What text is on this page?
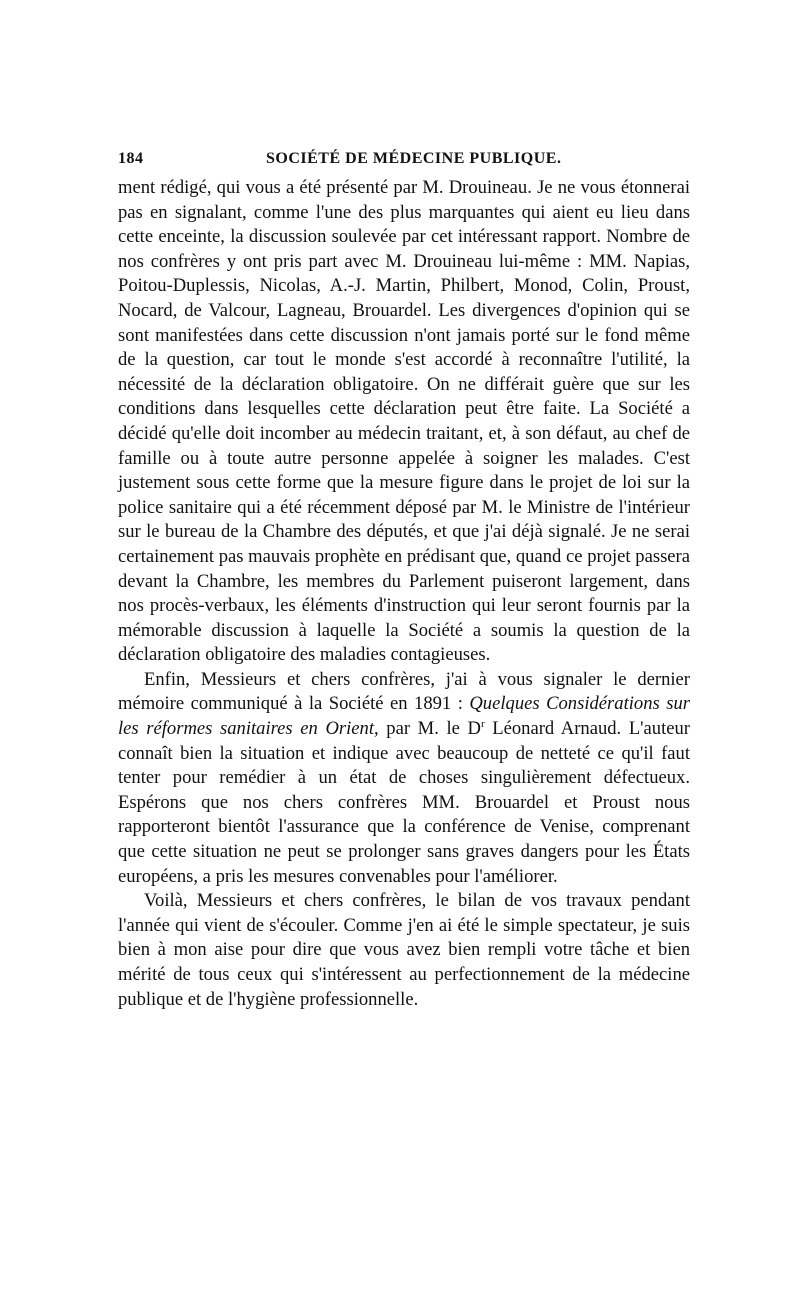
184	SOCIÉTÉ DE MÉDECINE PUBLIQUE.

ment rédigé, qui vous a été présenté par M. Drouineau. Je ne vous étonnerai pas en signalant, comme l'une des plus marquantes qui aient eu lieu dans cette enceinte, la discussion soulevée par cet intéressant rapport. Nombre de nos confrères y ont pris part avec M. Drouineau lui-même : MM. Napias, Poitou-Duplessis, Nicolas, A.-J. Martin, Philbert, Monod, Colin, Proust, Nocard, de Valcour, Lagneau, Brouardel. Les divergences d'opinion qui se sont manifestées dans cette discussion n'ont jamais porté sur le fond même de la question, car tout le monde s'est accordé à reconnaître l'utilité, la nécessité de la déclaration obligatoire. On ne différait guère que sur les conditions dans lesquelles cette déclaration peut être faite. La Société a décidé qu'elle doit incomber au médecin traitant, et, à son défaut, au chef de famille ou à toute autre personne appelée à soigner les malades. C'est justement sous cette forme que la mesure figure dans le projet de loi sur la police sanitaire qui a été récemment déposé par M. le Ministre de l'intérieur sur le bureau de la Chambre des députés, et que j'ai déjà signalé. Je ne serai certainement pas mauvais prophète en prédisant que, quand ce projet passera devant la Chambre, les membres du Parlement puiseront largement, dans nos procès-verbaux, les éléments d'instruction qui leur seront fournis par la mémorable discussion à laquelle la Société a soumis la question de la déclaration obligatoire des maladies contagieuses.

Enfin, Messieurs et chers confrères, j'ai à vous signaler le dernier mémoire communiqué à la Société en 1891 : Quelques Considérations sur les réformes sanitaires en Orient, par M. le $D^r$ Léonard Arnaud. L'auteur connaît bien la situation et indique avec beaucoup de netteté ce qu'il faut tenter pour remédier à un état de choses singulièrement défectueux. Espérons que nos chers confrères MM. Brouardel et Proust nous rapporteront bientôt l'assurance que la conférence de Venise, comprenant que cette situation ne peut se prolonger sans graves dangers pour les États européens, a pris les mesures convenables pour l'améliorer.

Voilà, Messieurs et chers confrères, le bilan de vos travaux pendant l'année qui vient de s'écouler. Comme j'en ai été le simple spectateur, je suis bien à mon aise pour dire que vous avez bien rempli votre tâche et bien mérité de tous ceux qui s'intéressent au perfectionnement de la médecine publique et de l'hygiène professionnelle.
